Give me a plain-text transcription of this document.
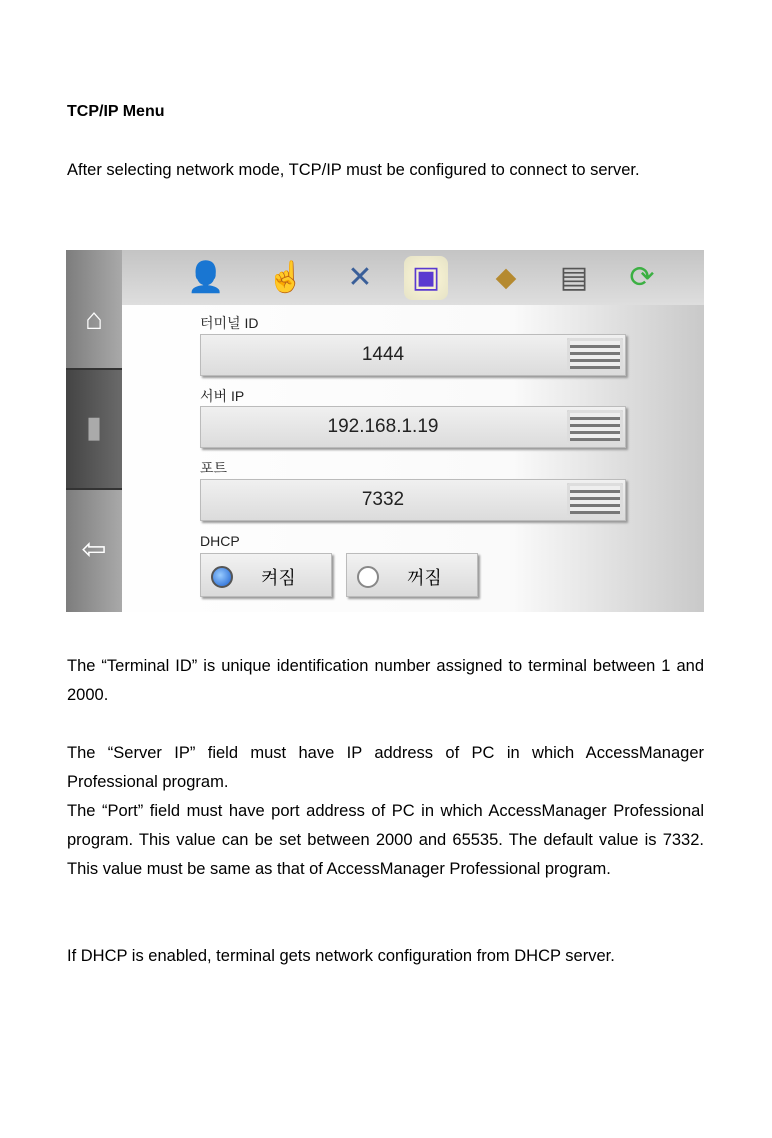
TCP/IP Menu
After selecting network mode, TCP/IP must be configured to connect to server.
⌂
▮
⇦
👤 ☝	✕	▣	⬥	▤	⟳
터미널 ID
1444
서버 IP
192.168.1.19
포트
7332
DHCP
켜짐	꺼짐
The “Terminal ID” is unique identification number assigned to terminal between 1 and 2000.
The “Server IP” field must have IP address of PC in which AccessManager Professional program.
The “Port” field must have port address of PC in which AccessManager Professional program. This value can be set between 2000 and 65535. The default value is 7332. This value must be same as that of AccessManager Professional program.
If DHCP is enabled, terminal gets network configuration from DHCP server.
